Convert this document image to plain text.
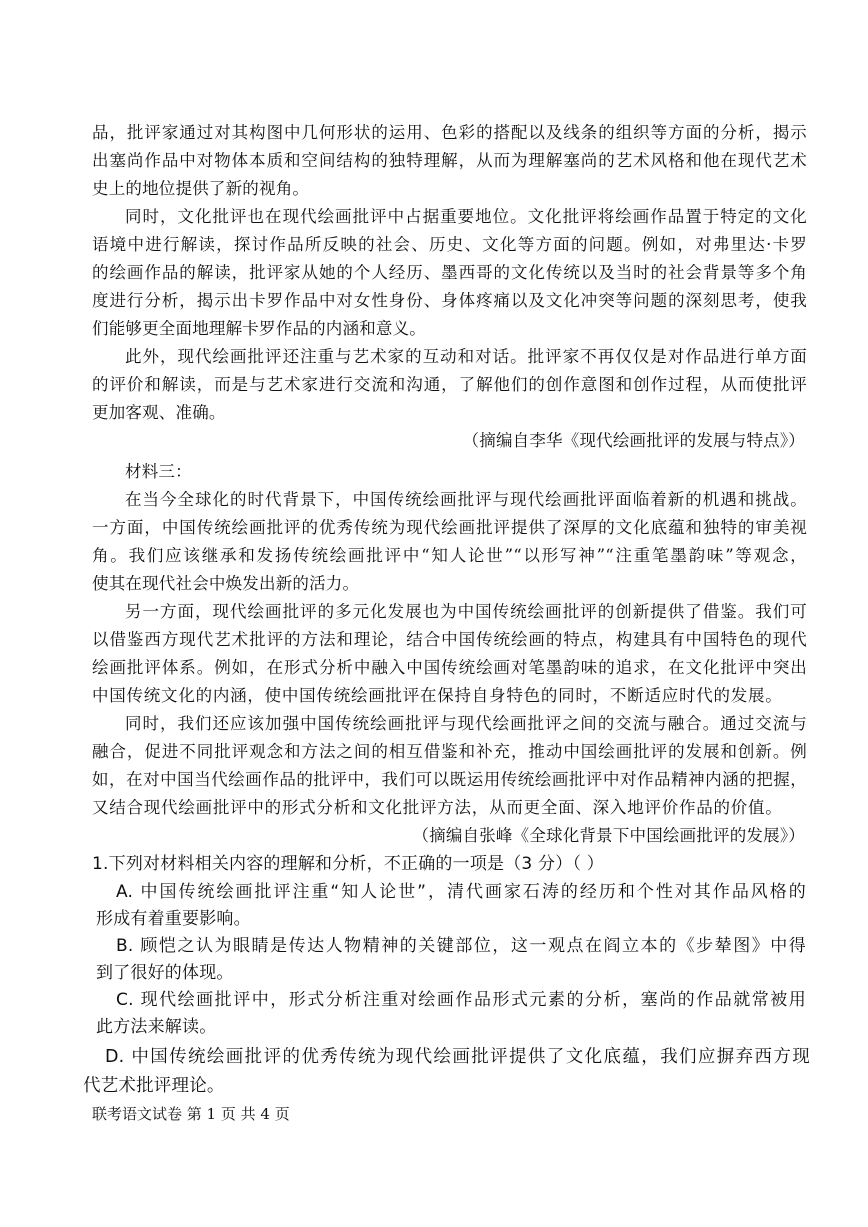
品，批评家通过对其构图中几何形状的运用、色彩的搭配以及线条的组织等方面的分析，揭示
出塞尚作品中对物体本质和空间结构的独特理解，从而为理解塞尚的艺术风格和他在现代艺术
史上的地位提供了新的视角。
同时，文化批评也在现代绘画批评中占据重要地位。文化批评将绘画作品置于特定的文化
语境中进行解读，探讨作品所反映的社会、历史、文化等方面的问题。例如，对弗里达·卡罗
的绘画作品的解读，批评家从她的个人经历、墨西哥的文化传统以及当时的社会背景等多个角
度进行分析，揭示出卡罗作品中对女性身份、身体疼痛以及文化冲突等问题的深刻思考，使我
们能够更全面地理解卡罗作品的内涵和意义。
此外，现代绘画批评还注重与艺术家的互动和对话。批评家不再仅仅是对作品进行单方面
的评价和解读，而是与艺术家进行交流和沟通，了解他们的创作意图和创作过程，从而使批评
更加客观、准确。
（摘编自李华《现代绘画批评的发展与特点》）
材料三：
在当今全球化的时代背景下，中国传统绘画批评与现代绘画批评面临着新的机遇和挑战。
一方面，中国传统绘画批评的优秀传统为现代绘画批评提供了深厚的文化底蕴和独特的审美视
角。我们应该继承和发扬传统绘画批评中“知人论世”“以形写神”“注重笔墨韵味”等观念，
使其在现代社会中焕发出新的活力。
另一方面，现代绘画批评的多元化发展也为中国传统绘画批评的创新提供了借鉴。我们可
以借鉴西方现代艺术批评的方法和理论，结合中国传统绘画的特点，构建具有中国特色的现代
绘画批评体系。例如，在形式分析中融入中国传统绘画对笔墨韵味的追求，在文化批评中突出
中国传统文化的内涵，使中国传统绘画批评在保持自身特色的同时，不断适应时代的发展。
同时，我们还应该加强中国传统绘画批评与现代绘画批评之间的交流与融合。通过交流与
融合，促进不同批评观念和方法之间的相互借鉴和补充，推动中国绘画批评的发展和创新。例
如，在对中国当代绘画作品的批评中，我们可以既运用传统绘画批评中对作品精神内涵的把握，
又结合现代绘画批评中的形式分析和文化批评方法，从而更全面、深入地评价作品的价值。
（摘编自张峰《全球化背景下中国绘画批评的发展》）
1.下列对材料相关内容的理解和分析，不正确的一项是（3 分）（ ）
A. 中国传统绘画批评注重“知人论世”，清代画家石涛的经历和个性对其作品风格的
形成有着重要影响。
B. 顾恺之认为眼睛是传达人物精神的关键部位，这一观点在阎立本的《步辇图》中得
到了很好的体现。
C. 现代绘画批评中，形式分析注重对绘画作品形式元素的分析，塞尚的作品就常被用
此方法来解读。
D. 中国传统绘画批评的优秀传统为现代绘画批评提供了文化底蕴，我们应摒弃西方现
代艺术批评理论。
联考语文试卷 第 1 页 共 4 页
